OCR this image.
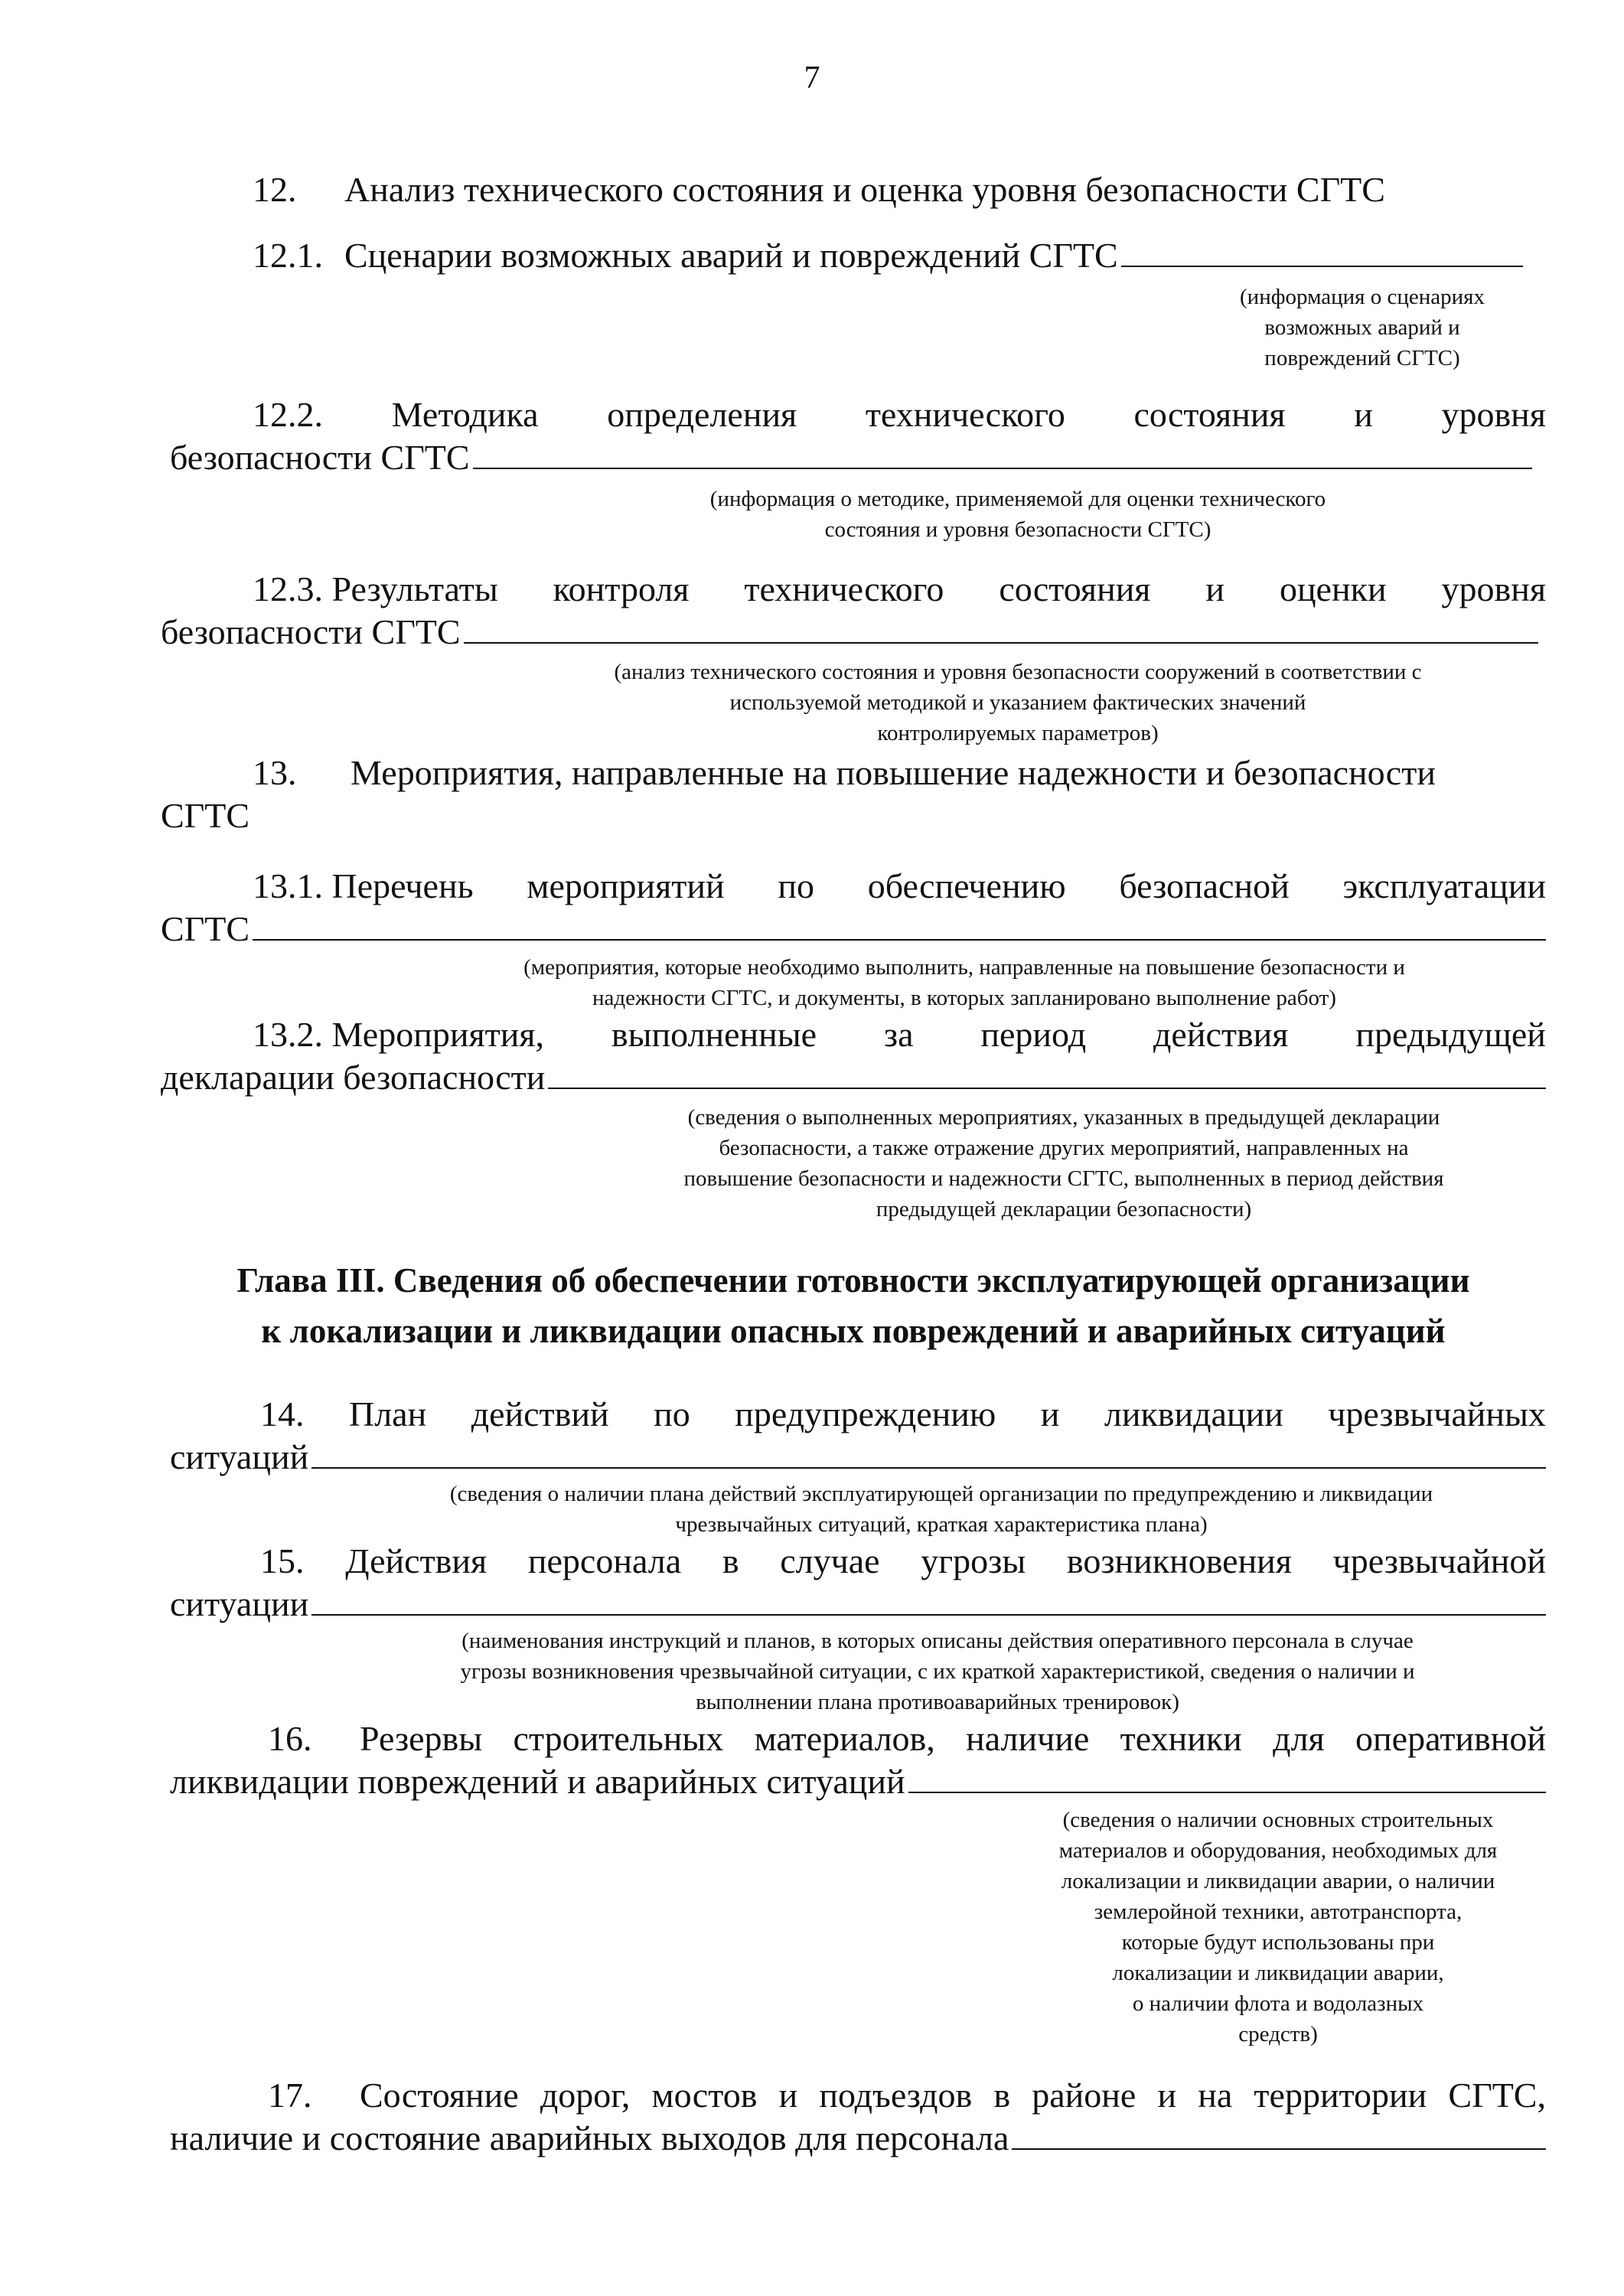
7
12. Анализ технического состояния и оценка уровня безопасности СГТС
12.1. Сценарии возможных аварий и повреждений СГТС
(информация о сценариях
возможных аварий и
повреждений СГТС)
12.2. Методика определения технического состояния и уровня
безопасности СГТС
(информация о методике, применяемой для оценки технического
состояния и уровня безопасности СГТС)
12.3. Результаты контроля технического состояния и оценки уровня
безопасности СГТС
(анализ технического состояния и уровня безопасности сооружений в соответствии с
используемой методикой и указанием фактических значений
контролируемых параметров)
13. Мероприятия, направленные на повышение надежности и безопасности
СГТС
13.1. Перечень мероприятий по обеспечению безопасной эксплуатации
СГТС
(мероприятия, которые необходимо выполнить, направленные на повышение безопасности и
надежности СГТС, и документы, в которых запланировано выполнение работ)
13.2. Мероприятия, выполненные за период действия предыдущей
декларации безопасности
(сведения о выполненных мероприятиях, указанных в предыдущей декларации
безопасности, а также отражение других мероприятий, направленных на
повышение безопасности и надежности СГТС, выполненных в период действия
предыдущей декларации безопасности)
Глава III. Сведения об обеспечении готовности эксплуатирующей организации
к локализации и ликвидации опасных повреждений и аварийных ситуаций
14. План действий по предупреждению и ликвидации чрезвычайных
ситуаций
(сведения о наличии плана действий эксплуатирующей организации по предупреждению и ликвидации
чрезвычайных ситуаций, краткая характеристика плана)
15. Действия персонала в случае угрозы возникновения чрезвычайной
ситуации
(наименования инструкций и планов, в которых описаны действия оперативного персонала в случае
угрозы возникновения чрезвычайной ситуации, с их краткой характеристикой, сведения о наличии и
выполнении плана противоаварийных тренировок)
16.	Резервы строительных материалов, наличие техники для оперативной
ликвидации повреждений и аварийных ситуаций
(сведения о наличии основных строительных
материалов и оборудования, необходимых для
локализации и ликвидации аварии, о наличии
землеройной техники, автотранспорта,
которые будут использованы при
локализации и ликвидации аварии,
о наличии флота и водолазных
средств)
17.	Состояние дорог, мостов и подъездов в районе и на территории СГТС,
наличие и состояние аварийных выходов для персонала
